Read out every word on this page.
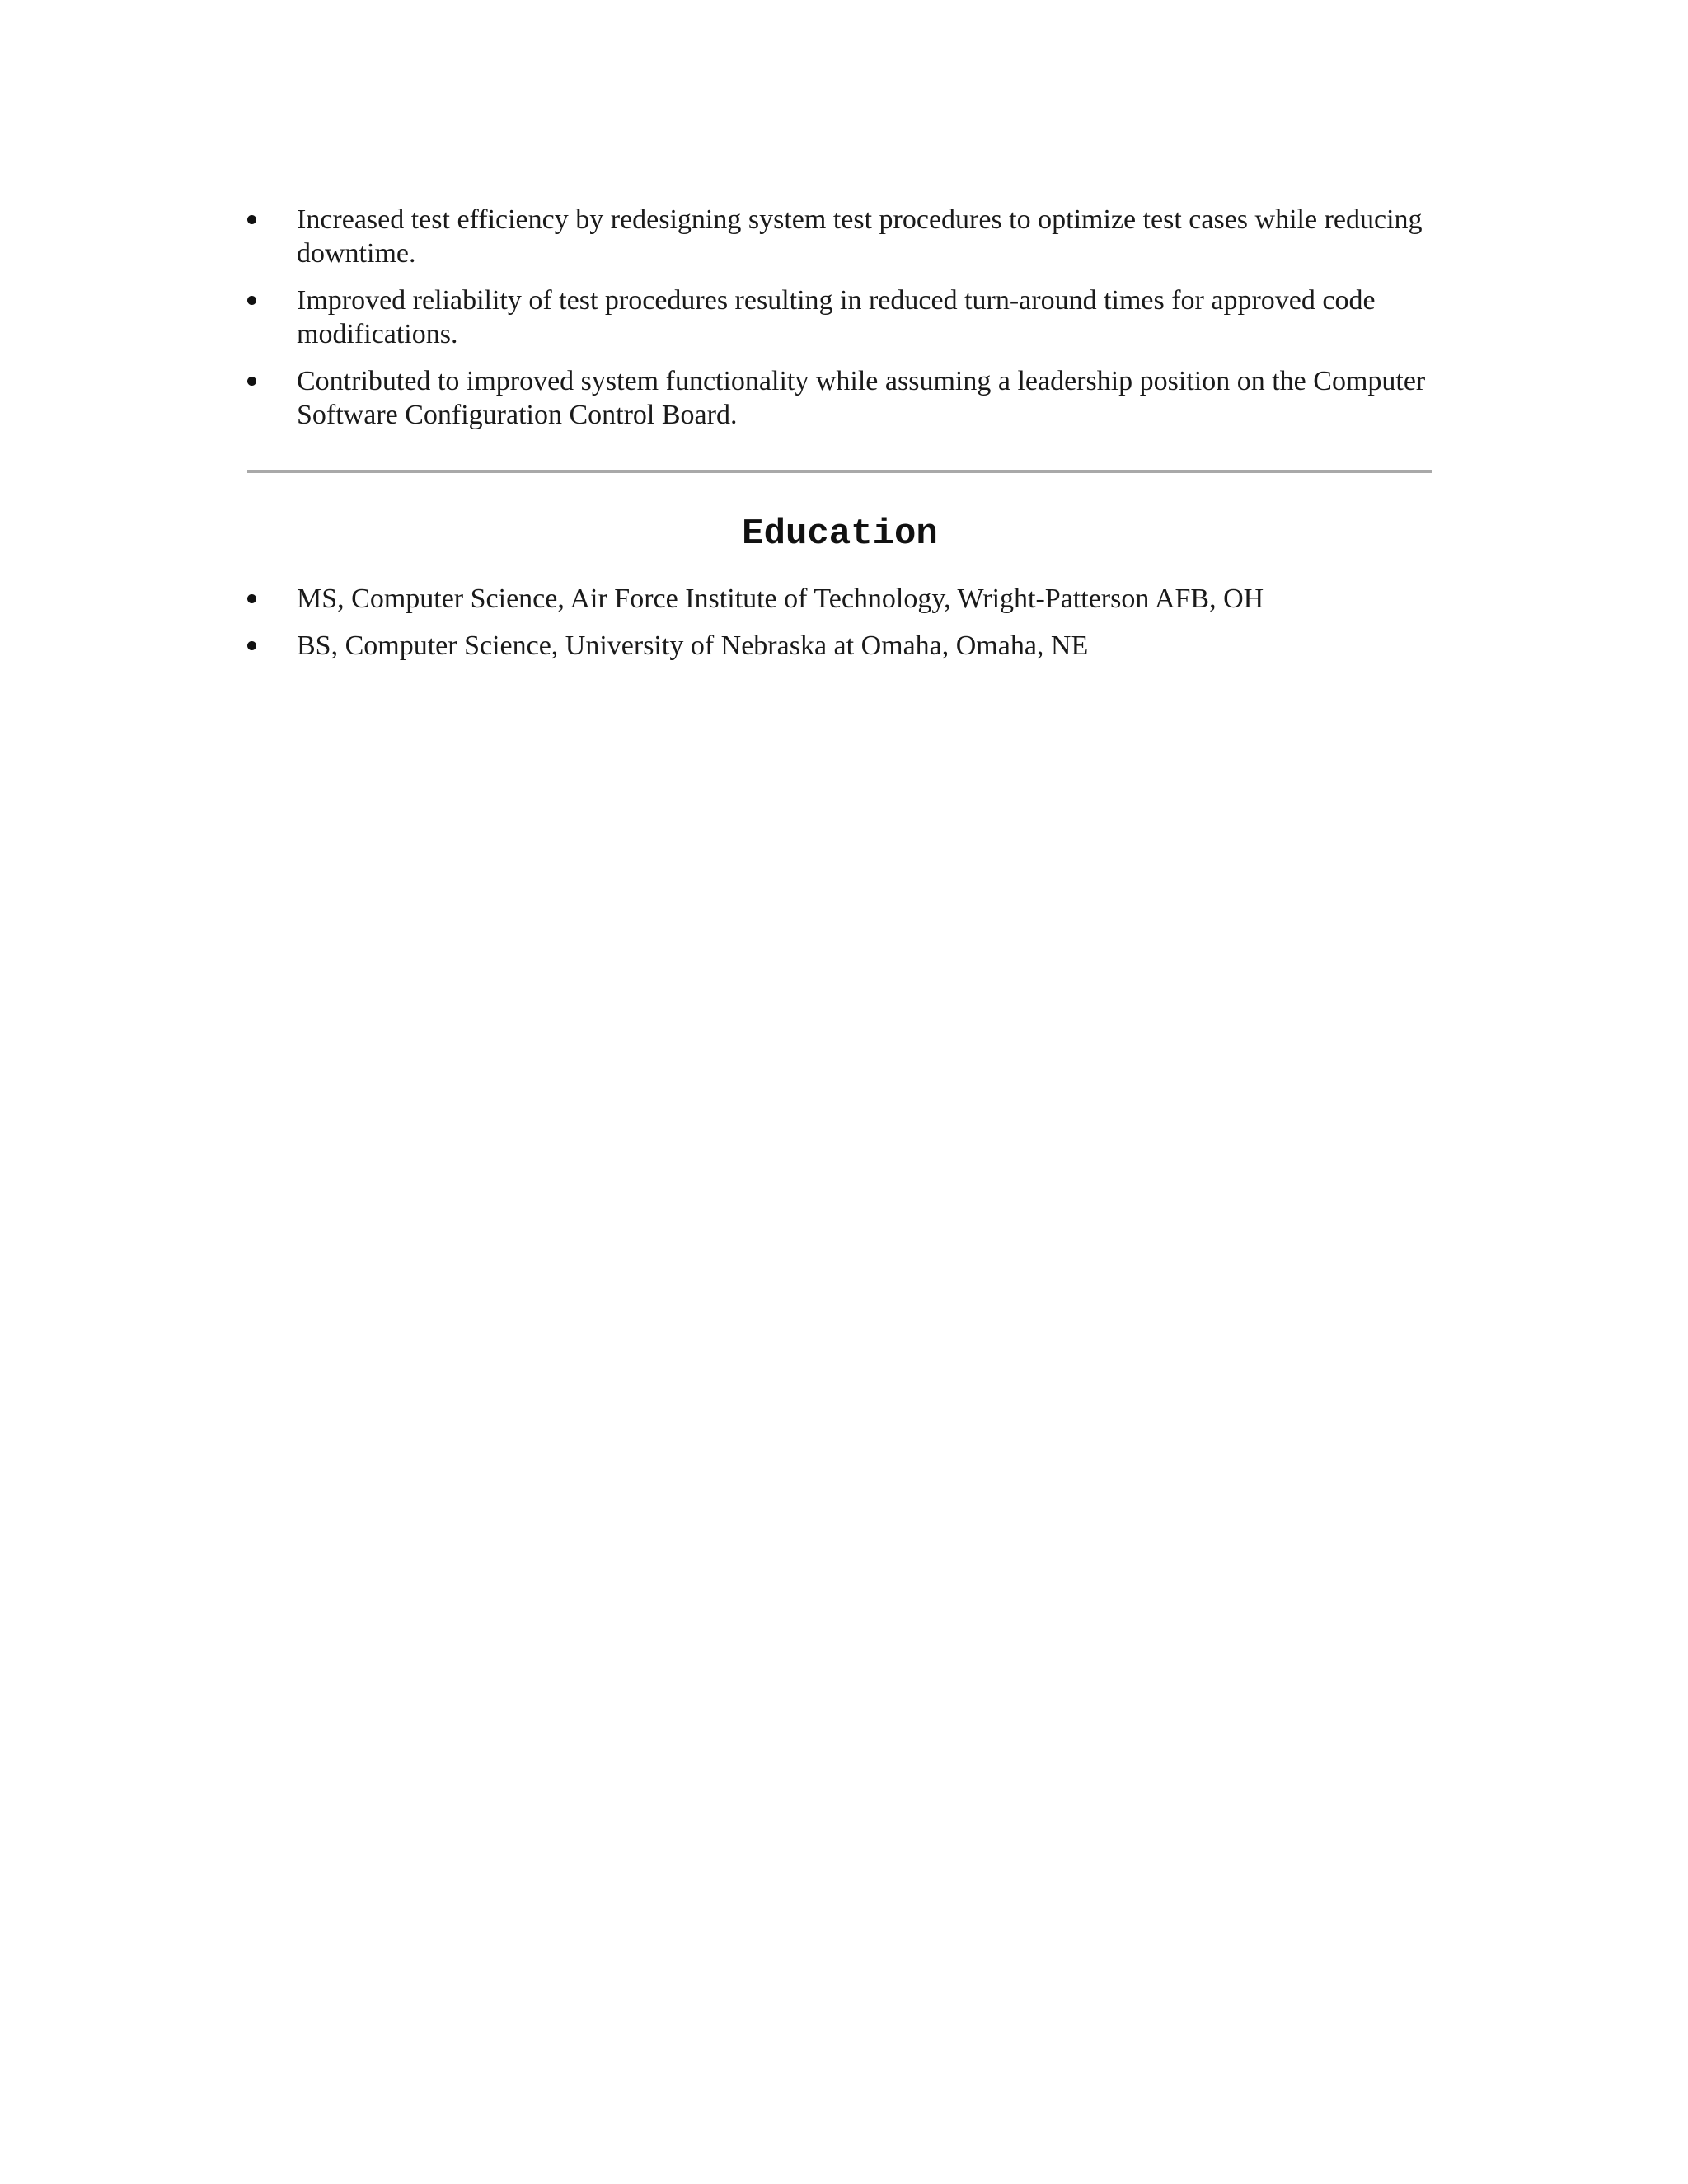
Increased test efficiency by redesigning system test procedures to optimize test cases while reducing downtime.
Improved reliability of test procedures resulting in reduced turn-around times for approved code modifications.
Contributed to improved system functionality while assuming a leadership position on the Computer Software Configuration Control Board.
Education
MS, Computer Science, Air Force Institute of Technology, Wright-Patterson AFB, OH
BS, Computer Science, University of Nebraska at Omaha, Omaha, NE
